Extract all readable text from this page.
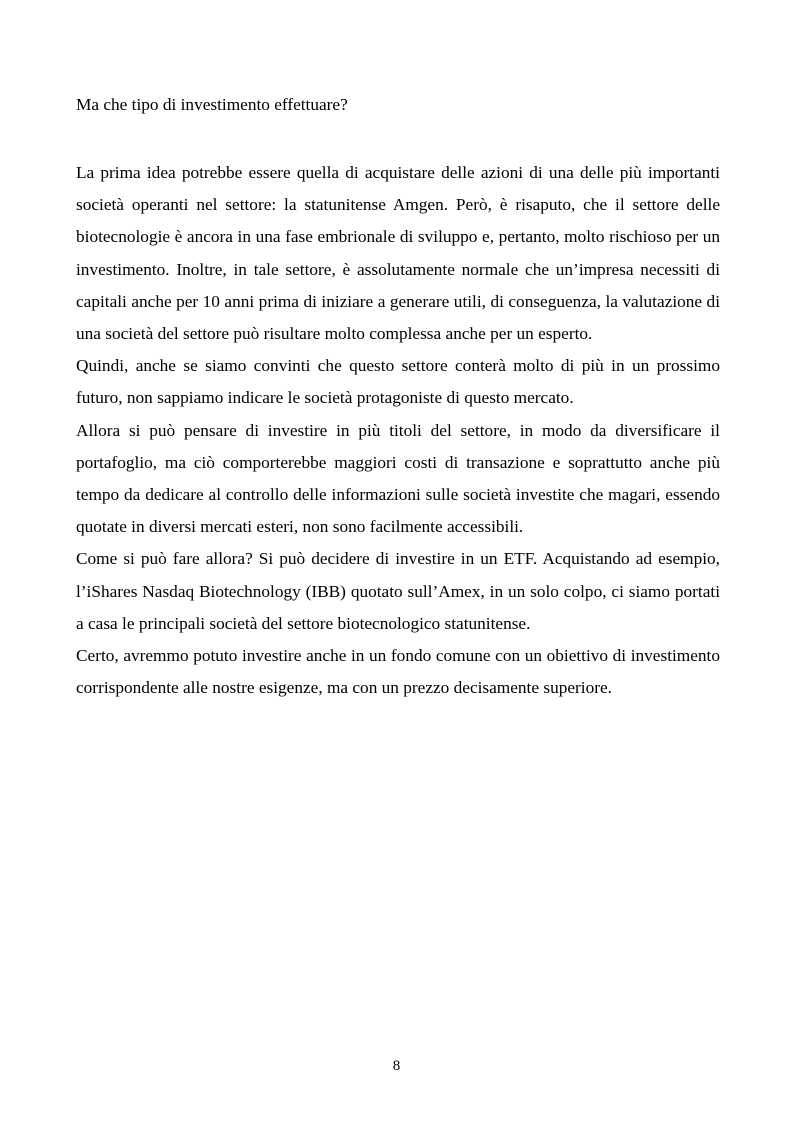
Ma che tipo di investimento effettuare?

La prima idea potrebbe essere quella di acquistare delle azioni di una delle più importanti società operanti nel settore: la statunitense Amgen. Però, è risaputo, che il settore delle biotecnologie è ancora in una fase embrionale di sviluppo e, pertanto, molto rischioso per un investimento. Inoltre, in tale settore, è assolutamente normale che un’impresa necessiti di capitali anche per 10 anni prima di iniziare a generare utili, di conseguenza, la valutazione di una società del settore può risultare molto complessa anche per un esperto.

Quindi, anche se siamo convinti che questo settore conterà molto di più in un prossimo futuro, non sappiamo indicare le società protagoniste di questo mercato.

Allora si può pensare di investire in più titoli del settore, in modo da diversificare il portafoglio, ma ciò comporterebbe maggiori costi di transazione e soprattutto anche più tempo da dedicare al controllo delle informazioni sulle società investite che magari, essendo quotate in diversi mercati esteri, non sono facilmente accessibili.

Come si può fare allora? Si può decidere di investire in un ETF. Acquistando ad esempio, l’iShares Nasdaq Biotechnology (IBB) quotato sull’Amex, in un solo colpo, ci siamo portati a casa le principali società del settore biotecnologico statunitense.

Certo, avremmo potuto investire anche in un fondo comune con un obiettivo di investimento corrispondente alle nostre esigenze, ma con un prezzo decisamente superiore.

8
